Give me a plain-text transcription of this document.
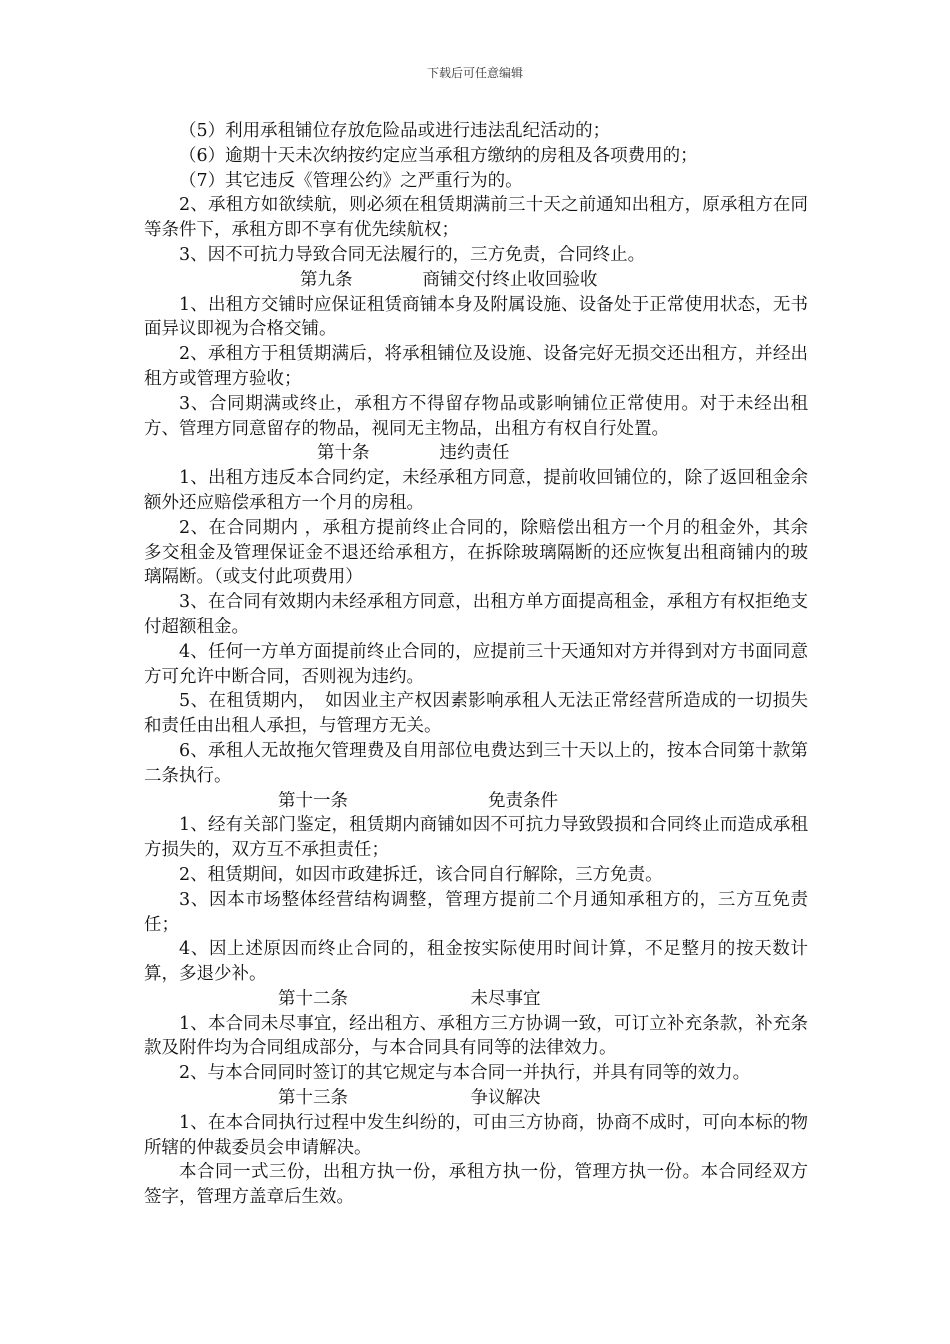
下载后可任意编辑

（5）利用承租铺位存放危险品或进行违法乱纪活动的；

（6）逾期十天未次纳按约定应当承租方缴纳的房租及各项费用的；

（7）其它违反《管理公约》之严重行为的。

2、承租方如欲续航，则必须在租赁期满前三十天之前通知出租方，原承租方在同等条件下，承租方即不享有优先续航权；

3、因不可抗力导致合同无法履行的，三方免责，合同终止。

第九条　　　　商铺交付终止收回验收

1、出租方交铺时应保证租赁商铺本身及附属设施、设备处于正常使用状态，无书面异议即视为合格交铺。

2、承租方于租赁期满后，将承租铺位及设施、设备完好无损交还出租方，并经出租方或管理方验收；

3、合同期满或终止，承租方不得留存物品或影响铺位正常使用。对于未经出租方、管理方同意留存的物品，视同无主物品，出租方有权自行处置。

第十条　　　　违约责任

1、出租方违反本合同约定，未经承租方同意，提前收回铺位的，除了返回租金余额外还应赔偿承租方一个月的房租。

2、在合同期内 ，承租方提前终止合同的，除赔偿出租方一个月的租金外，其余多交租金及管理保证金不退还给承租方，在拆除玻璃隔断的还应恢复出租商铺内的玻璃隔断。（或支付此项费用）

3、在合同有效期内未经承租方同意，出租方单方面提高租金，承租方有权拒绝支付超额租金。

4、任何一方单方面提前终止合同的，应提前三十天通知对方并得到对方书面同意方可允许中断合同，否则视为违约。

5、在租赁期内，　如因业主产权因素影响承租人无法正常经营所造成的一切损失和责任由出租人承担，与管理方无关。

6、承租人无故拖欠管理费及自用部位电费达到三十天以上的，按本合同第十款第二条执行。

第十一条　　　　　　　　免责条件

1、经有关部门鉴定，租赁期内商铺如因不可抗力导致毁损和合同终止而造成承租方损失的，双方互不承担责任；

2、租赁期间，如因市政建拆迁，该合同自行解除，三方免责。

3、因本市场整体经营结构调整，管理方提前二个月通知承租方的，三方互免责任；

4、因上述原因而终止合同的，租金按实际使用时间计算，不足整月的按天数计算，多退少补。

第十二条　　　　　　　未尽事宜

1、本合同未尽事宜，经出租方、承租方三方协调一致，可订立补充条款，补充条款及附件均为合同组成部分，与本合同具有同等的法律效力。

2、与本合同同时签订的其它规定与本合同一并执行，并具有同等的效力。

第十三条　　　　　　　争议解决

1、在本合同执行过程中发生纠纷的，可由三方协商，协商不成时，可向本标的物所辖的仲裁委员会申请解决。

本合同一式三份，出租方执一份，承租方执一份，管理方执一份。本合同经双方签字，管理方盖章后生效。
